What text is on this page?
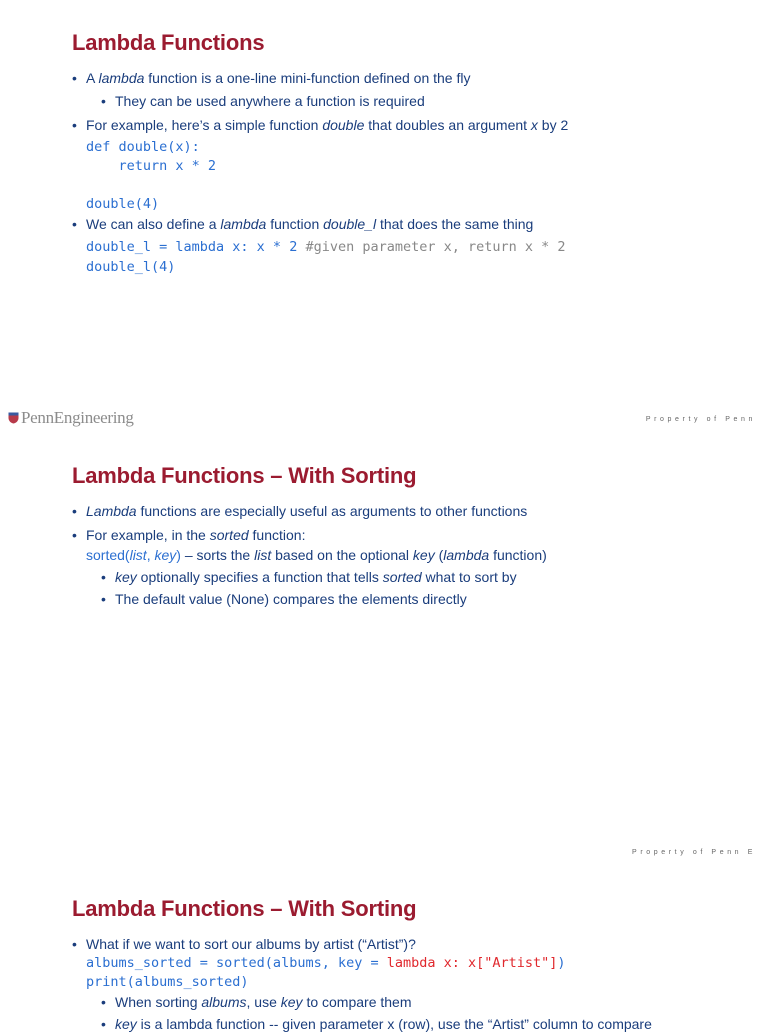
Lambda Functions
• A lambda function is a one-line mini-function defined on the fly
• They can be used anywhere a function is required
• For example, here’s a simple function double that doubles an argument x by 2
def double(x):
return x * 2
double(4)
• We can also define a lambda function double_l that does the same thing
double_l = lambda x: x * 2 #given parameter x, return x * 2
double_l(4)
PennEngineering	Property of Penn
Lambda Functions – With Sorting
• Lambda functions are especially useful as arguments to other functions
• For example, in the sorted function:
sorted(list, key) – sorts the list based on the optional key (lambda function)
• key optionally specifies a function that tells sorted what to sort by
• The default value (None) compares the elements directly
Property of Penn E
Lambda Functions – With Sorting
• What if we want to sort our albums by artist (“Artist”)?
albums_sorted = sorted(albums, key = lambda x: x["Artist"])
print(albums_sorted)
• When sorting albums, use key to compare them
• key is a lambda function -- given parameter x (row), use the “Artist” column to compare
